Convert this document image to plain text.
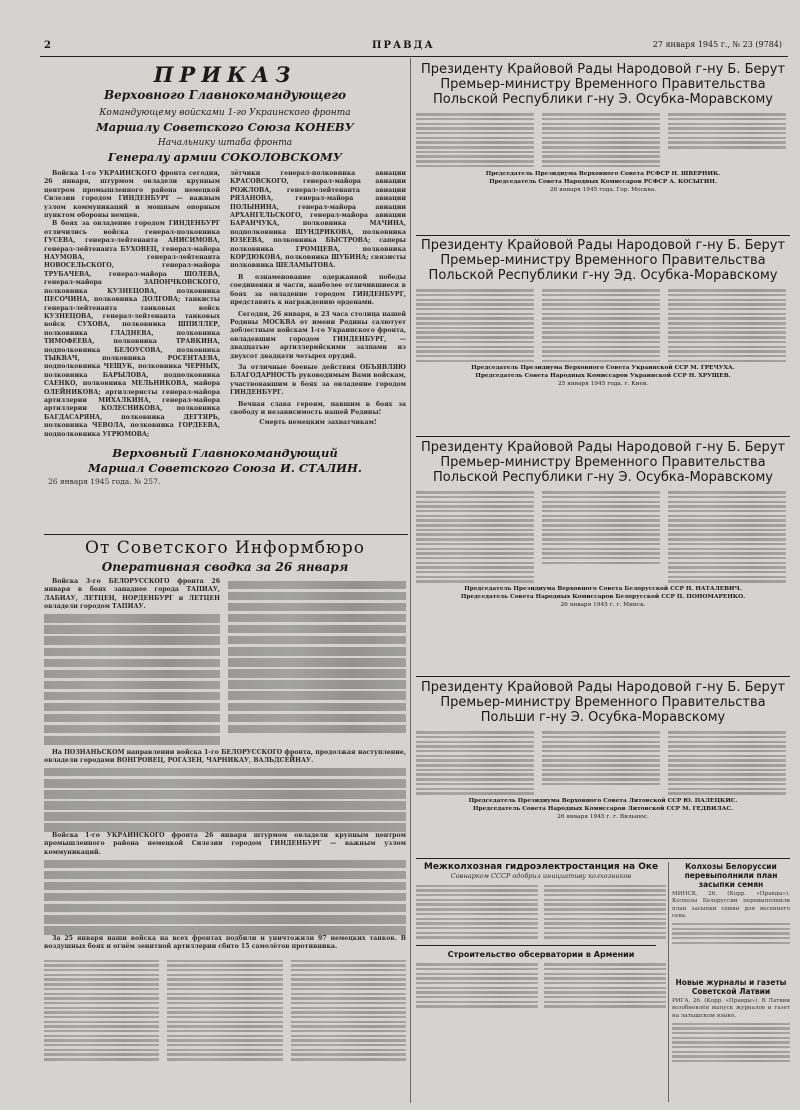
2	ПРАВДА	27 января 1945 г., № 23 (9784)
ПРИКАЗ
Верховного Главнокомандующего
Командующему войсками 1-го Украинского фронта
Маршалу Советского Союза КОНЕВУ
Начальнику штаба фронта
Генералу армии СОКОЛОВСКОМУ
Войска 1-го УКРАИНСКОГО фронта сегодня, 26 января, штурмом овладели крупным центром промышленного района немецкой Силезии городом ГИНДЕНБУРГ — важным узлом коммуникаций и мощным опорным пунктом обороны немцев.
В боях за овладение городом ГИНДЕНБУРГ отличились войска генерал-полковника ГУСЕВА, генерал-лейтенанта АНИСИМОВА, генерал-лейтенанта БУХОВЕЦ, генерал-майора НАУМОВА, генерал-лейтенанта НОВОСЕЛЬСКОГО, генерал-майора ТРУБАЧЕВА, генерал-майора ШОЛЕВА, генерал-майора ЗАПОНЧКОВСКОГО, полковника КУЗНЕЦОВА, полковника ПЕСОЧИНА, полковника ДОЛГОВА; танкисты генерал-лейтенанта танковых войск КУЗНЕЦОВА, генерал-лейтенанта танковых войск СУХОВА, полковника ШПИЛЛЕР, полковника ГЛАДНЕВА, полковника ТИМОФЕЕВА, полковника ТРАВКИНА, подполковника БЕЛОУСОВА, полковника ТЫКВАЧ, полковника РОСЕНТАЕВА, подполковника ЧЕЩУК, полковника ЧЕРНЫХ, полковника БАРЫЛОВА, подполковника САЕНКО, полковника МЕЛЬНИКОВА, майора ОЛЕЙНИКОВА; артиллеристы генерал-майора артиллерии МИХАЛКИНА, генерал-майора артиллерии КОЛЕСНИКОВА, полковника БАГДАСАРЯНА, полковника ДЕГТЯРЬ, полковника ЧЕВОЛА, полковника ГОРДЕЕВА, подполковника УГРЮМОВА;
лётчики генерал-полковника авиации КРАСОВСКОГО, генерал-майора авиации РОЖЛОВА, генерал-лейтенанта авиации РЯЗАНОВА, генерал-майора авиации ПОЛЫНИНА, генерал-майора авиации АРХАНГЕЛЬСКОГО, генерал-майора авиации БАРАНЧУКА, полковника МАЧИНА, подполковника ШУНДРИКОВА, полковника ЮЗЕЕВА, полковника БЫСТРОВА; саперы полковника ГРОМЦЕВА, полковника КОРДЮКОВА, полковника ШУБИНА; связисты полковника ШЕЛАМЫТОВА.
В ознаменование одержанной победы соединения и части, наиболее отличившиеся в боях за овладение городом ГИНДЕНБУРГ, представить к награждению орденами.
Сегодня, 26 января, в 23 часа столица нашей Родины МОСКВА от имени Родины салютует доблестным войскам 1-го Украинского фронта, овладевшим городом ГИНДЕНБУРГ, — двадцатью артиллерийскими залпами из двухсот двадцати четырех орудий.
За отличные боевые действия ОБЪЯВЛЯЮ БЛАГОДАРНОСТЬ руководимым Вами войскам, участвовавшим в боях за овладение городом ГИНДЕНБУРГ.
Вечная слава героям, павшим в боях за свободу и независимость нашей Родины!
Смерть немецким захватчикам!
Верховный Главнокомандующий
Маршал Советского Союза И. СТАЛИН.
26 января 1945 года. № 257.
От Советского Информбюро
Оперативная сводка за 26 января
Войска 3-го БЕЛОРУССКОГО фронта 26 января в боях западнее города ТАПИАУ, ЛАБИАУ, ЛЕТЦЕН, НОРДЕНБУРГ и ЛЕТЦЕН овладели городом ТАПИАУ.
На ПОЗНАНЬСКОМ направлении войска 1-го БЕЛОРУССКОГО фронта, продолжая наступление, овладели городами ВОНГРОВЕЦ, РОГАЗЕН, ЧАРНИКАУ, ВАЛЬДСЕЙНАУ.
Войска 1-го УКРАИНСКОГО фронта 26 января штурмом овладели крупным центром промышленного района немецкой Силезии городом ГИНДЕНБУРГ — важным узлом коммуникаций.
За 25 января наши войска на всех фронтах подбили и уничтожили 97 немецких танков. В воздушных боях и огнём зенитной артиллерии сбито 15 самолётов противника.
Президенту Крайовой Рады Народовой г-ну Б. Берут
Премьер-министру Временного Правительства
Польской Республики г-ну Э. Осубка-Моравскому
Председатель Президиума Верховного Совета РСФСР Н. ШВЕРНИК.
Председатель Совета Народных Комиссаров РСФСР А. КОСЫГИН.
26 января 1945 года. Гор. Москва.
Президенту Крайовой Рады Народовой г-ну Б. Берут
Премьер-министру Временного Правительства
Польской Республики г-ну Эд. Осубка-Моравскому
Председатель Президиума Верховного Совета Украинской ССР М. ГРЕЧУХА.
Председатель Совета Народных Комиссаров Украинской ССР Н. ХРУЩЕВ.
25 января 1945 года. г. Киев.
Президенту Крайовой Рады Народовой г-ну Б. Берут
Премьер-министру Временного Правительства
Польской Республики г-ну Э. Осубка-Моравскому
Председатель Президиума Верховного Совета Белорусской ССР Н. НАТАЛЕВИЧ.
Председатель Совета Народных Комиссаров Белорусской ССР П. ПОНОМАРЕНКО.
26 января 1945 г. г. Минск.
Президенту Крайовой Рады Народовой г-ну Б. Берут
Премьер-министру Временного Правительства
Польши г-ну Э. Осубка-Моравскому
Председатель Президиума Верховного Совета Литовской ССР Ю. ПАЛЕЦКИС.
Председатель Совета Народных Комиссаров Литовской ССР М. ГЕДВИЛАС.
26 января 1945 г. г. Вильнюс.
Межколхозная гидроэлектростанция на Оке
Совнарком СССР одобрил инициативу колхозников
Строительство обсерватории в Армении
Колхозы Белоруссии
перевыполнили план
засыпки семян
МИНСК, 26. (Корр. «Правды»). Колхозы Белоруссии перевыполнили план засыпки семян для весеннего сева.
Новые журналы и газеты
Советской Латвии
РИГА, 26. (Корр. «Правды»). В Латвии возобновлён выпуск журналов и газет на латышском языке.
